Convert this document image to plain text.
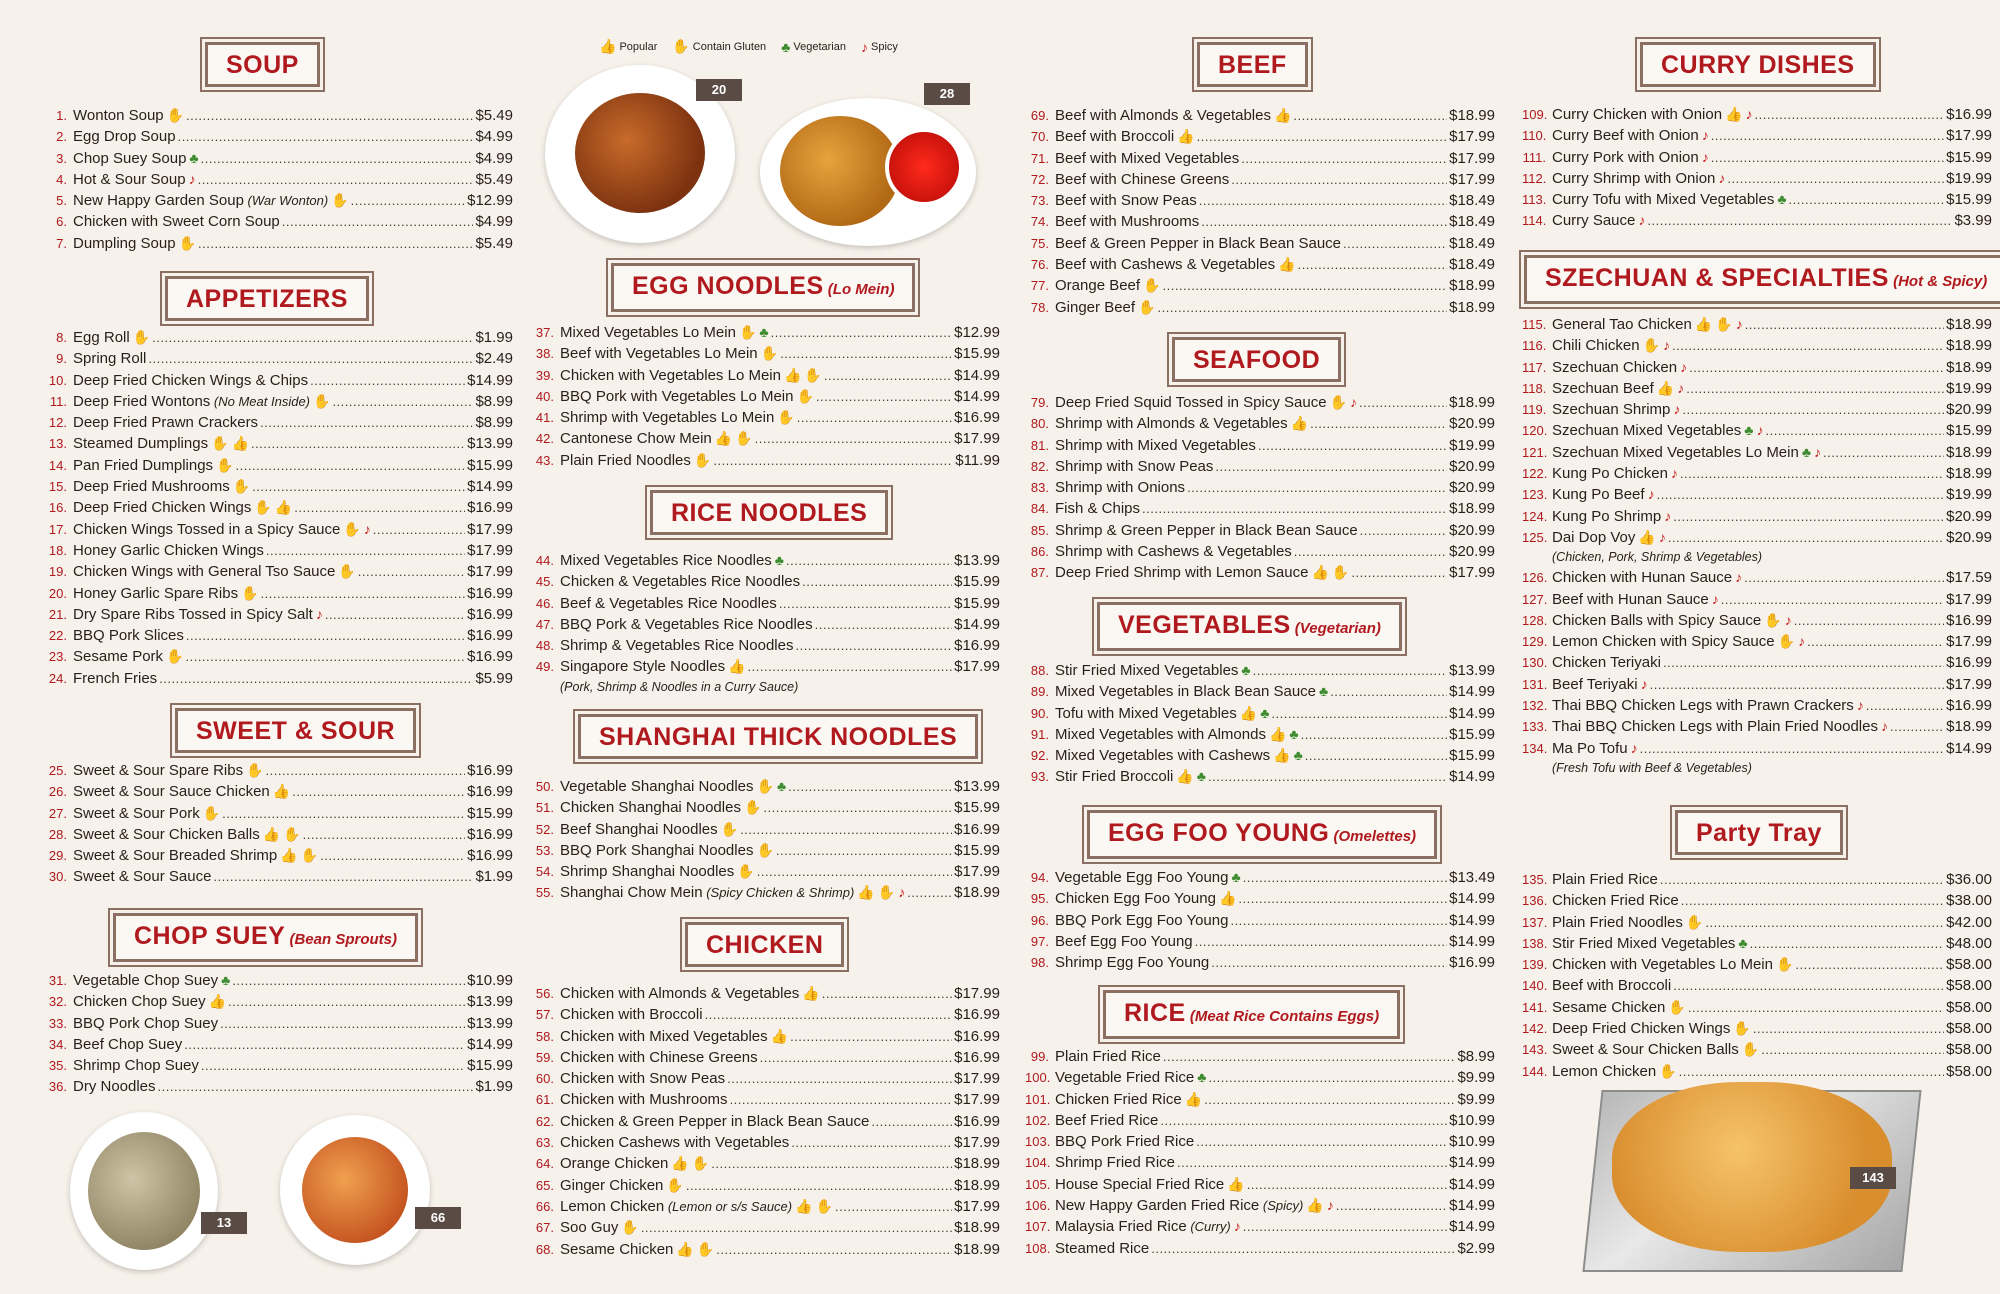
👍 Popular ✋ Contain Gluten ♣ Vegetarian ♪ Spicy
20	28
13	66
143
SOUP
1. Wonton Soup ✋ .....	$5.49
2. Egg Drop Soup .....	$4.99
3. Chop Suey Soup ♣ .....	$4.99
4. Hot & Sour Soup ♪ .....	$5.49
5. New Happy Garden Soup (War Wonton) ✋ .....	$12.99
6. Chicken with Sweet Corn Soup .....	$4.99
7. Dumpling Soup ✋ .....	$5.49
APPETIZERS
8. Egg Roll ✋ .....	$1.99
9. Spring Roll .....	$2.49
10. Deep Fried Chicken Wings & Chips .....	$14.99
11. Deep Fried Wontons (No Meat Inside) ✋ .....	$8.99
12. Deep Fried Prawn Crackers .....	$8.99
13. Steamed Dumplings ✋ 👍 .....	$13.99
14. Pan Fried Dumplings ✋ .....	$15.99
15. Deep Fried Mushrooms ✋ .....	$14.99
16. Deep Fried Chicken Wings ✋ 👍 .....	$16.99
17. Chicken Wings Tossed in a Spicy Sauce ✋ ♪ .....	$17.99
18. Honey Garlic Chicken Wings .....	$17.99
19. Chicken Wings with General Tso Sauce ✋ .....	$17.99
20. Honey Garlic Spare Ribs ✋ .....	$16.99
21. Dry Spare Ribs Tossed in Spicy Salt ♪ .....	$16.99
22. BBQ Pork Slices .....	$16.99
23. Sesame Pork ✋ .....	$16.99
24. French Fries .....	$5.99
SWEET & SOUR
25. Sweet & Sour Spare Ribs ✋ .....	$16.99
26. Sweet & Sour Sauce Chicken 👍 .....	$16.99
27. Sweet & Sour Pork ✋ .....	$15.99
28. Sweet & Sour Chicken Balls 👍 ✋ .....	$16.99
29. Sweet & Sour Breaded Shrimp 👍 ✋ .....	$16.99
30. Sweet & Sour Sauce .....	$1.99
CHOP SUEY (Bean Sprouts)
31. Vegetable Chop Suey ♣ .....	$10.99
32. Chicken Chop Suey 👍 .....	$13.99
33. BBQ Pork Chop Suey .....	$13.99
34. Beef Chop Suey .....	$14.99
35. Shrimp Chop Suey .....	$15.99
36. Dry Noodles .....	$1.99
EGG NOODLES (Lo Mein)
37. Mixed Vegetables Lo Mein ✋ ♣ .....	$12.99
38. Beef with Vegetables Lo Mein ✋ .....	$15.99
39. Chicken with Vegetables Lo Mein 👍 ✋ .....	$14.99
40. BBQ Pork with Vegetables Lo Mein ✋ .....	$14.99
41. Shrimp with Vegetables Lo Mein ✋ .....	$16.99
42. Cantonese Chow Mein 👍 ✋ .....	$17.99
43. Plain Fried Noodles ✋ .....	$11.99
RICE NOODLES
44. Mixed Vegetables Rice Noodles ♣ .....	$13.99
45. Chicken & Vegetables Rice Noodles .....	$15.99
46. Beef & Vegetables Rice Noodles .....	$15.99
47. BBQ Pork & Vegetables Rice Noodles .....	$14.99
48. Shrimp & Vegetables Rice Noodles .....	$16.99
49. Singapore Style Noodles 👍 .....	$17.99
(Pork, Shrimp & Noodles in a Curry Sauce)
SHANGHAI THICK NOODLES
50. Vegetable Shanghai Noodles ✋ ♣ .....	$13.99
51. Chicken Shanghai Noodles ✋ .....	$15.99
52. Beef Shanghai Noodles ✋ .....	$16.99
53. BBQ Pork Shanghai Noodles ✋ .....	$15.99
54. Shrimp Shanghai Noodles ✋ .....	$17.99
55. Shanghai Chow Mein (Spicy Chicken & Shrimp) 👍 ✋ ♪ .....	$18.99
CHICKEN
56. Chicken with Almonds & Vegetables 👍 .....	$17.99
57. Chicken with Broccoli .....	$16.99
58. Chicken with Mixed Vegetables 👍 .....	$16.99
59. Chicken with Chinese Greens .....	$16.99
60. Chicken with Snow Peas .....	$17.99
61. Chicken with Mushrooms .....	$17.99
62. Chicken & Green Pepper in Black Bean Sauce .....	$16.99
63. Chicken Cashews with Vegetables .....	$17.99
64. Orange Chicken 👍 ✋ .....	$18.99
65. Ginger Chicken ✋ .....	$18.99
66. Lemon Chicken (Lemon or s/s Sauce) 👍 ✋ .....	$17.99
67. Soo Guy ✋ .....	$18.99
68. Sesame Chicken 👍 ✋ .....	$18.99
BEEF
69. Beef with Almonds & Vegetables 👍 .....	$18.99
70. Beef with Broccoli 👍 .....	$17.99
71. Beef with Mixed Vegetables .....	$17.99
72. Beef with Chinese Greens .....	$17.99
73. Beef with Snow Peas .....	$18.49
74. Beef with Mushrooms .....	$18.49
75. Beef & Green Pepper in Black Bean Sauce .....	$18.49
76. Beef with Cashews & Vegetables 👍 .....	$18.49
77. Orange Beef ✋ .....	$18.99
78. Ginger Beef ✋ .....	$18.99
SEAFOOD
79. Deep Fried Squid Tossed in Spicy Sauce ✋ ♪ .....	$18.99
80. Shrimp with Almonds & Vegetables 👍 .....	$20.99
81. Shrimp with Mixed Vegetables .....	$19.99
82. Shrimp with Snow Peas .....	$20.99
83. Shrimp with Onions .....	$20.99
84. Fish & Chips .....	$18.99
85. Shrimp & Green Pepper in Black Bean Sauce .....	$20.99
86. Shrimp with Cashews & Vegetables .....	$20.99
87. Deep Fried Shrimp with Lemon Sauce 👍 ✋ .....	$17.99
VEGETABLES (Vegetarian)
88. Stir Fried Mixed Vegetables ♣ .....	$13.99
89. Mixed Vegetables in Black Bean Sauce ♣ .....	$14.99
90. Tofu with Mixed Vegetables 👍 ♣ .....	$14.99
91. Mixed Vegetables with Almonds 👍 ♣ .....	$15.99
92. Mixed Vegetables with Cashews 👍 ♣ .....	$15.99
93. Stir Fried Broccoli 👍 ♣ .....	$14.99
EGG FOO YOUNG (Omelettes)
94. Vegetable Egg Foo Young ♣ .....	$13.49
95. Chicken Egg Foo Young 👍 .....	$14.99
96. BBQ Pork Egg Foo Young .....	$14.99
97. Beef Egg Foo Young .....	$14.99
98. Shrimp Egg Foo Young .....	$16.99
RICE (Meat Rice Contains Eggs)
99. Plain Fried Rice .....	$8.99
100. Vegetable Fried Rice ♣ .....	$9.99
101. Chicken Fried Rice 👍 .....	$9.99
102. Beef Fried Rice .....	$10.99
103. BBQ Pork Fried Rice .....	$10.99
104. Shrimp Fried Rice .....	$14.99
105. House Special Fried Rice 👍 .....	$14.99
106. New Happy Garden Fried Rice (Spicy) 👍 ♪ .....	$14.99
107. Malaysia Fried Rice (Curry) ♪ .....	$14.99
108. Steamed Rice .....	$2.99
CURRY DISHES
109. Curry Chicken with Onion 👍 ♪ .....	$16.99
110. Curry Beef with Onion ♪ .....	$17.99
111. Curry Pork with Onion ♪ .....	$15.99
112. Curry Shrimp with Onion ♪ .....	$19.99
113. Curry Tofu with Mixed Vegetables ♣ .....	$15.99
114. Curry Sauce ♪ .....	$3.99
SZECHUAN & SPECIALTIES (Hot & Spicy)
115. General Tao Chicken 👍 ✋ ♪ .....	$18.99
116. Chili Chicken ✋ ♪ .....	$18.99
117. Szechuan Chicken ♪ .....	$18.99
118. Szechuan Beef 👍 ♪ .....	$19.99
119. Szechuan Shrimp ♪ .....	$20.99
120. Szechuan Mixed Vegetables ♣ ♪ .....	$15.99
121. Szechuan Mixed Vegetables Lo Mein ♣ ♪ .....	$18.99
122. Kung Po Chicken ♪ .....	$18.99
123. Kung Po Beef ♪ .....	$19.99
124. Kung Po Shrimp ♪ .....	$20.99
125. Dai Dop Voy 👍 ♪ .....	$20.99
(Chicken, Pork, Shrimp & Vegetables)
126. Chicken with Hunan Sauce ♪ .....	$17.59
127. Beef with Hunan Sauce ♪ .....	$17.99
128. Chicken Balls with Spicy Sauce ✋ ♪ .....	$16.99
129. Lemon Chicken with Spicy Sauce ✋ ♪ .....	$17.99
130. Chicken Teriyaki .....	$16.99
131. Beef Teriyaki ♪ .....	$17.99
132. Thai BBQ Chicken Legs with Prawn Crackers ♪ .....	$16.99
133. Thai BBQ Chicken Legs with Plain Fried Noodles ♪ .....	$18.99
134. Ma Po Tofu ♪ .....	$14.99
(Fresh Tofu with Beef & Vegetables)
Party Tray
135. Plain Fried Rice .....	$36.00
136. Chicken Fried Rice .....	$38.00
137. Plain Fried Noodles ✋ .....	$42.00
138. Stir Fried Mixed Vegetables ♣ .....	$48.00
139. Chicken with Vegetables Lo Mein ✋ .....	$58.00
140. Beef with Broccoli .....	$58.00
141. Sesame Chicken ✋ .....	$58.00
142. Deep Fried Chicken Wings ✋ .....	$58.00
143. Sweet & Sour Chicken Balls ✋ .....	$58.00
144. Lemon Chicken ✋ .....	$58.00
